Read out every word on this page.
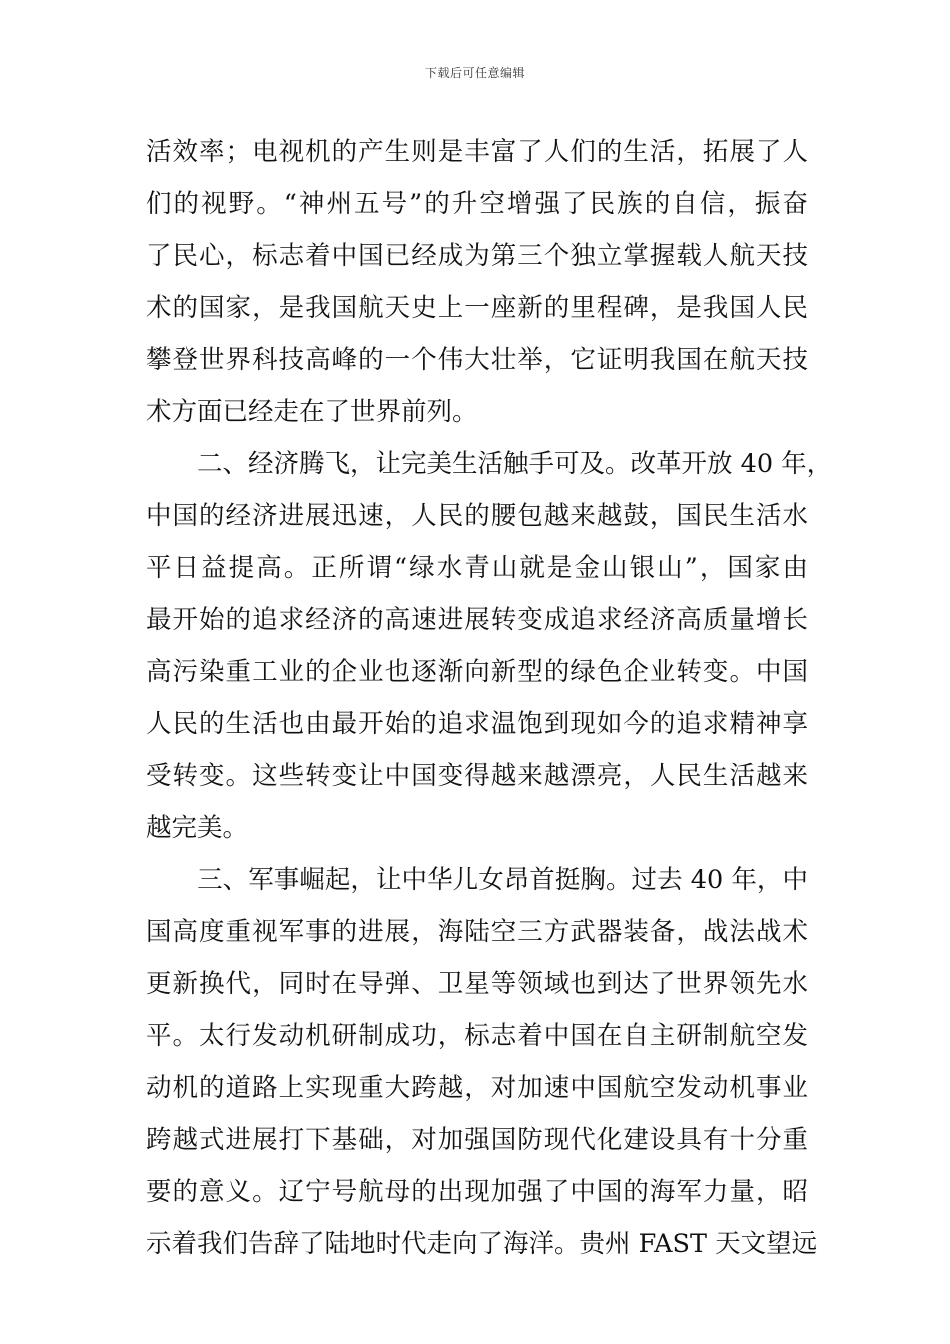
下载后可任意编辑
活效率；电视机的产生则是丰富了人们的生活，拓展了人
们的视野。“神州五号”的升空增强了民族的自信，振奋
了民心，标志着中国已经成为第三个独立掌握载人航天技
术的国家，是我国航天史上一座新的里程碑，是我国人民
攀登世界科技高峰的一个伟大壮举，它证明我国在航天技
术方面已经走在了世界前列。
　　二、经济腾飞，让完美生活触手可及。改革开放 40 年，
中国的经济进展迅速，人民的腰包越来越鼓，国民生活水
平日益提高。正所谓“绿水青山就是金山银山”，国家由
最开始的追求经济的高速进展转变成追求经济高质量增长
高污染重工业的企业也逐渐向新型的绿色企业转变。中国
人民的生活也由最开始的追求温饱到现如今的追求精神享
受转变。这些转变让中国变得越来越漂亮，人民生活越来
越完美。
　　三、军事崛起，让中华儿女昂首挺胸。过去 40 年，中
国高度重视军事的进展，海陆空三方武器装备，战法战术
更新换代，同时在导弹、卫星等领域也到达了世界领先水
平。太行发动机研制成功，标志着中国在自主研制航空发
动机的道路上实现重大跨越，对加速中国航空发动机事业
跨越式进展打下基础，对加强国防现代化建设具有十分重
要的意义。辽宁号航母的出现加强了中国的海军力量，昭
示着我们告辞了陆地时代走向了海洋。贵州 FAST 天文望远
